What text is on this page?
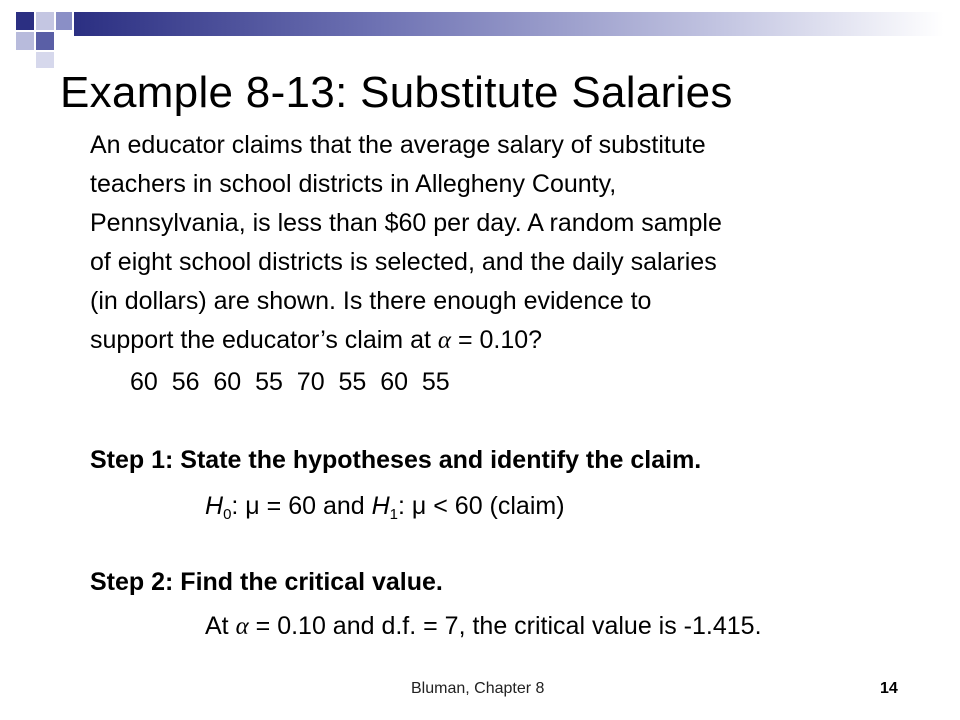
Example 8-13: Substitute Salaries
An educator claims that the average salary of substitute
teachers in school districts in Allegheny County,
Pennsylvania, is less than $60 per day. A random sample
of eight school districts is selected, and the daily salaries
(in dollars) are shown. Is there enough evidence to
support the educator’s claim at α = 0.10?

60  56  60  55  70  55  60  55

Step 1: State the hypotheses and identify the claim.

$H_0$: μ = 60 and $H_1$: μ < 60 (claim)

Step 2: Find the critical value.

At α = 0.10 and d.f. = 7, the critical value is -1.415.

Bluman, Chapter 8	14
